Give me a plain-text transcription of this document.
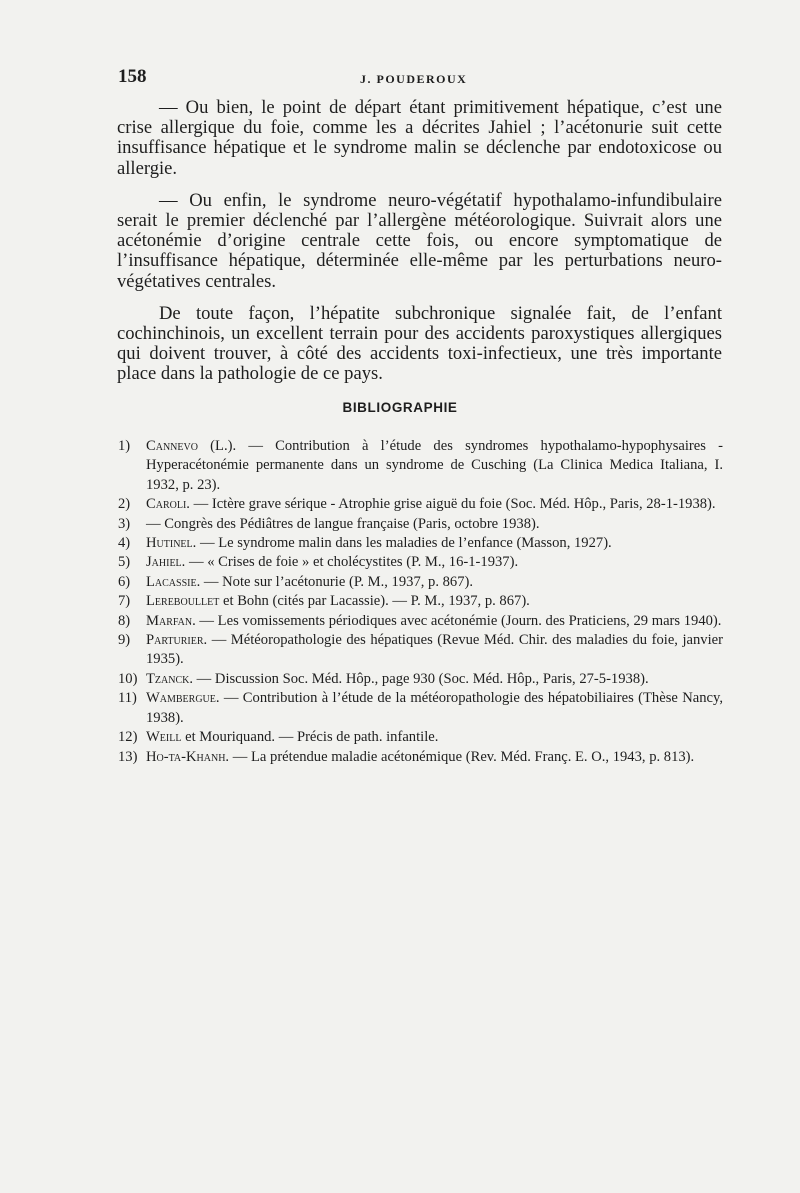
158	J. POUDEROUX

— Ou bien, le point de départ étant primitivement hépatique, c’est une crise allergique du foie, comme les a décrites Jahiel ; l’acétonurie suit cette insuffisance hépatique et le syndrome malin se déclenche par endotoxicose ou allergie.

— Ou enfin, le syndrome neuro-végétatif hypothalamo-infundibulaire serait le premier déclenché par l’allergène météorologique. Suivrait alors une acétonémie d’origine centrale cette fois, ou encore symptomatique de l’insuffisance hépatique, déterminée elle-même par les perturbations neuro-végétatives centrales.

De toute façon, l’hépatite subchronique signalée fait, de l’enfant cochinchinois, un excellent terrain pour des accidents paroxystiques allergiques qui doivent trouver, à côté des accidents toxi-infectieux, une très importante place dans la pathologie de ce pays.

BIBLIOGRAPHIE
1)	Cannevo (L.). — Contribution à l’étude des syndromes hypothalamo-hypophysaires - Hyperacétonémie permanente dans un syndrome de Cusching (La Clinica Medica Italiana, I. 1932, p. 23).
2)	Caroli. — Ictère grave sérique - Atrophie grise aiguë du foie (Soc. Méd. Hôp., Paris, 28-1-1938).
3)	— Congrès des Pédiâtres de langue française (Paris, octobre 1938).
4)	Hutinel. — Le syndrome malin dans les maladies de l’enfance (Masson, 1927).
5)	Jahiel. — « Crises de foie » et cholécystites (P. M., 16-1-1937).
6)	Lacassie. — Note sur l’acétonurie (P. M., 1937, p. 867).
7)	Lereboullet et Bohn (cités par Lacassie). — P. M., 1937, p. 867).
8)	Marfan. — Les vomissements périodiques avec acétonémie (Journ. des Praticiens, 29 mars 1940).
9)	Parturier. — Météoropathologie des hépatiques (Revue Méd. Chir. des maladies du foie, janvier 1935).
10) Tzanck. — Discussion Soc. Méd. Hôp., page 930 (Soc. Méd. Hôp., Paris, 27-5-1938).
11) Wambergue. — Contribution à l’étude de la météoropathologie des hépatobiliaires (Thèse Nancy, 1938).
12) Weill et Mouriquand. — Précis de path. infantile.
13) Ho-ta-Khanh. — La prétendue maladie acétonémique (Rev. Méd. Franç. E. O., 1943, p. 813).
